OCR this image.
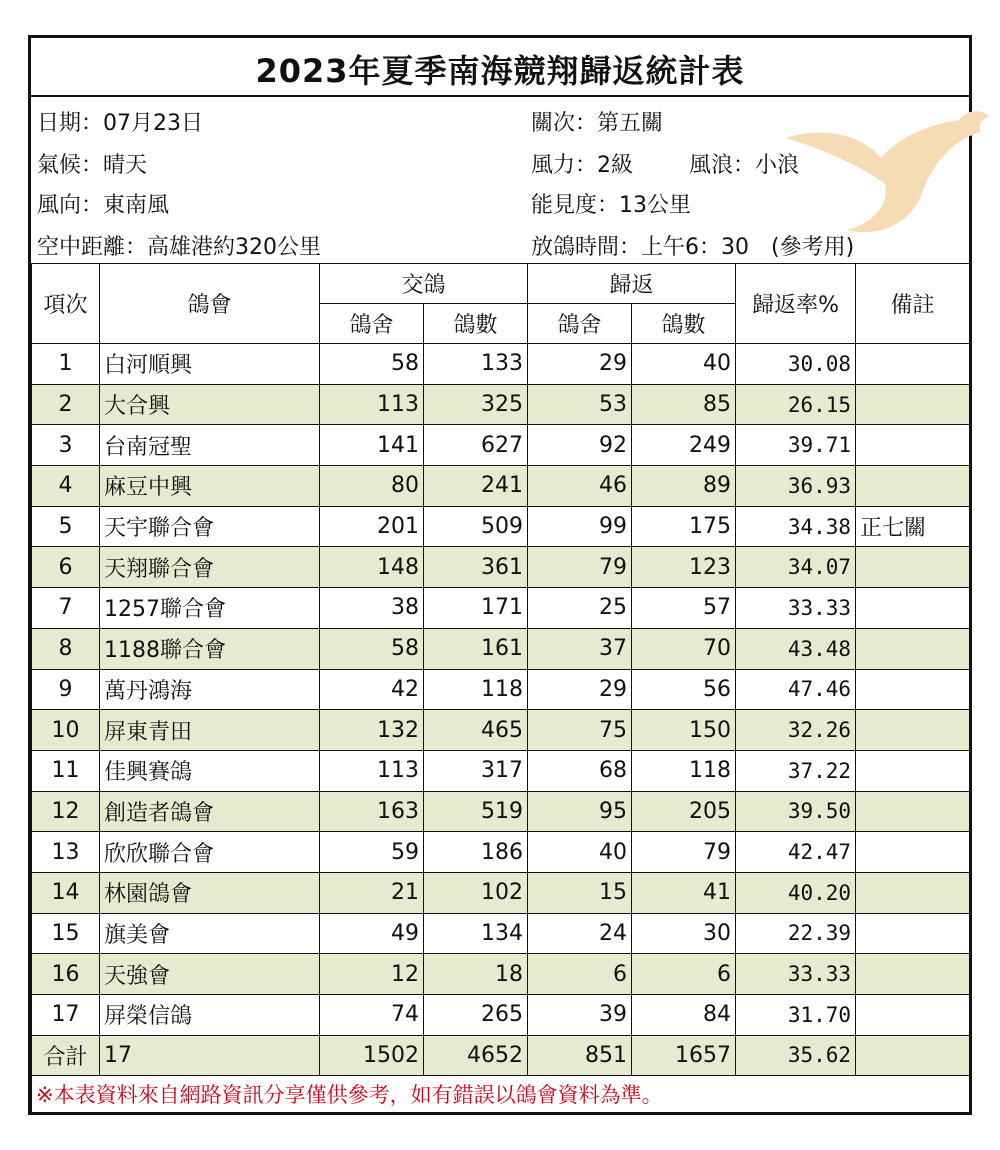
2023年夏季南海競翔歸返統計表
日期：07月23日	關次：第五關
氣候：晴天	風力：2級	風浪：小浪
風向：東南風	能見度：13公里
空中距離：高雄港約320公里	放鴿時間：上午6：30　(參考用)
項次	鴿會	交鴿		歸返		歸返率%	備註
		鴿舍	鴿數	鴿舍	鴿數		
1	白河順興	58	133	29	40	30.08	
2	大合興	113	325	53	85	26.15	
3	台南冠聖	141	627	92	249	39.71	
4	麻豆中興	80	241	46	89	36.93	
5	天宇聯合會	201	509	99	175	34.38	正七關
6	天翔聯合會	148	361	79	123	34.07	
7	1257聯合會	38	171	25	57	33.33	
8	1188聯合會	58	161	37	70	43.48	
9	萬丹鴻海	42	118	29	56	47.46	
10	屏東青田	132	465	75	150	32.26	
11	佳興賽鴿	113	317	68	118	37.22	
12	創造者鴿會	163	519	95	205	39.50	
13	欣欣聯合會	59	186	40	79	42.47	
14	林園鴿會	21	102	15	41	40.20	
15	旗美會	49	134	24	30	22.39	
16	天強會	12	18	6	6	33.33	
17	屏榮信鴿	74	265	39	84	31.70	
合計	17	1502	4652	851	1657	35.62	
※本表資料來自網路資訊分享僅供參考，如有錯誤以鴿會資料為準。							
